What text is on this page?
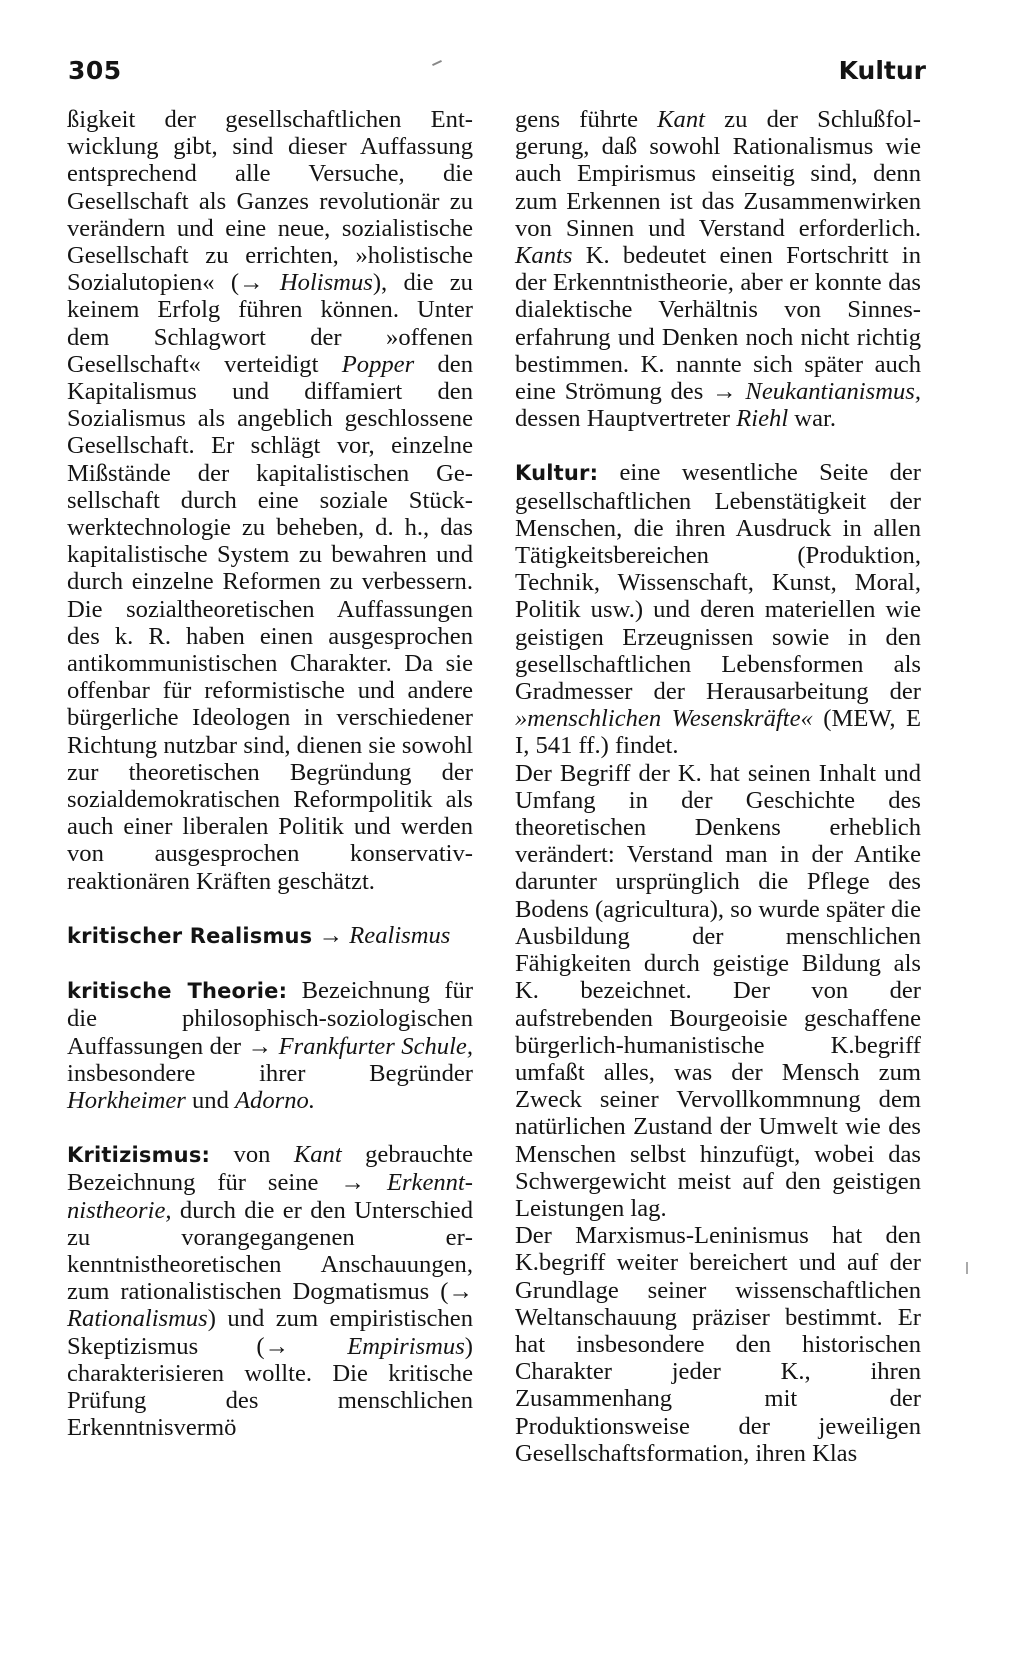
305	Kultur

ßigkeit der gesellschaftlichen Entwicklung gibt, sind dieser Auffassung entsprechend alle Versuche, die Gesellschaft als Ganzes revolutionär zu verändern und eine neue, sozialistische Gesellschaft zu errichten, »holistische Sozialutopien« (→ Holismus), die zu keinem Erfolg führen können. Unter dem Schlagwort der »offenen Gesellschaft« verteidigt Popper den Kapitalismus und diffamiert den Sozialismus als angeblich geschlossene Gesellschaft. Er schlägt vor, einzelne Mißstände der kapitalistischen Gesellschaft durch eine soziale Stückwerktechnologie zu beheben, d. h., das kapitalistische System zu bewahren und durch einzelne Reformen zu verbessern. Die sozialtheoretischen Auffassungen des k. R. haben einen ausgesprochen antikommunistischen Charakter. Da sie offenbar für reformistische und andere bürgerliche Ideologen in verschiedener Richtung nutzbar sind, dienen sie sowohl zur theoretischen Begründung der sozialdemokratischen Reformpolitik als auch einer liberalen Politik und werden von ausgesprochen konservativ-reaktionären Kräften geschätzt.

kritischer Realismus → Realismus

kritische Theorie: Bezeichnung für die philosophisch-soziologischen Auffassungen der → Frankfurter Schule, insbesondere ihrer Begründer Horkheimer und Adorno.

Kritizismus: von Kant gebrauchte Bezeichnung für seine → Erkenntnistheorie, durch die er den Unterschied zu vorangegangenen erkenntnistheoretischen Anschauungen, zum rationalistischen Dogmatismus (→ Rationalismus) und zum empiristischen Skeptizismus (→ Empirismus) charakterisieren wollte. Die kritische Prüfung des menschlichen Erkenntnisvermö

gens führte Kant zu der Schlußfolgerung, daß sowohl Rationalismus wie auch Empirismus einseitig sind, denn zum Erkennen ist das Zusammenwirken von Sinnen und Verstand erforderlich. Kants K. bedeutet einen Fortschritt in der Erkenntnistheorie, aber er konnte das dialektische Verhältnis von Sinneserfahrung und Denken noch nicht richtig bestimmen. K. nannte sich später auch eine Strömung des → Neukantianismus, dessen Hauptvertreter Riehl war.

Kultur: eine wesentliche Seite der gesellschaftlichen Lebenstätigkeit der Menschen, die ihren Ausdruck in allen Tätigkeitsbereichen (Produktion, Technik, Wissenschaft, Kunst, Moral, Politik usw.) und deren materiellen wie geistigen Erzeugnissen sowie in den gesellschaftlichen Lebensformen als Gradmesser der Herausarbeitung der »menschlichen Wesenskräfte« (MEW, E I, 541 ff.) findet.

Der Begriff der K. hat seinen Inhalt und Umfang in der Geschichte des theoretischen Denkens erheblich verändert: Verstand man in der Antike darunter ursprünglich die Pflege des Bodens (agricultura), so wurde später die Ausbildung der menschlichen Fähigkeiten durch geistige Bildung als K. bezeichnet. Der von der aufstrebenden Bourgeoisie geschaffene bürgerlich-humanistische K.begriff umfaßt alles, was der Mensch zum Zweck seiner Vervollkommnung dem natürlichen Zustand der Umwelt wie des Menschen selbst hinzufügt, wobei das Schwergewicht meist auf den geistigen Leistungen lag.

Der Marxismus-Leninismus hat den K.begriff weiter bereichert und auf der Grundlage seiner wissenschaftlichen Weltanschauung präziser bestimmt. Er hat insbesondere den historischen Charakter jeder K., ihren Zusammenhang mit der Produktionsweise der jeweiligen Gesellschaftsformation, ihren Klas
